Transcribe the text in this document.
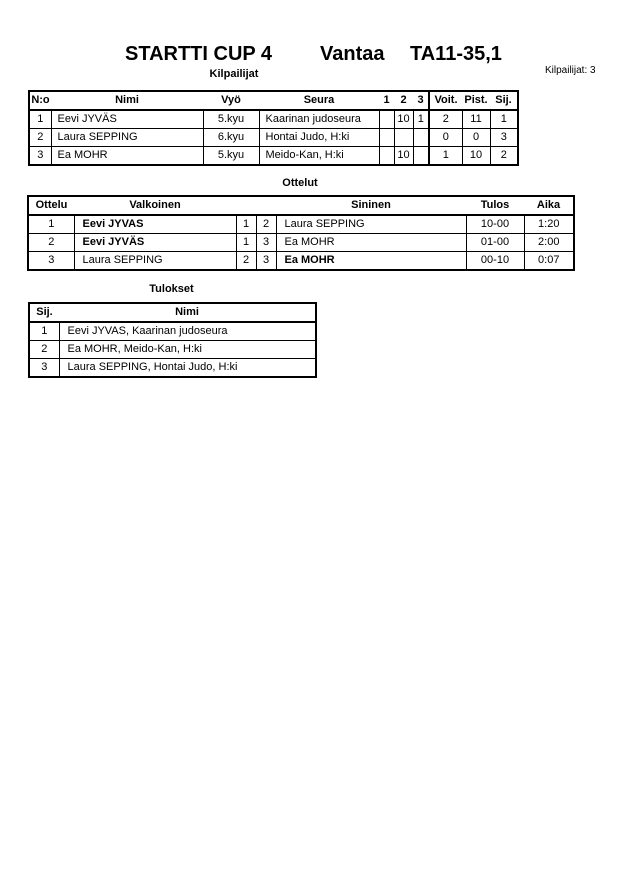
STARTTI CUP 4 Vantaa TA11-35,1
Kilpailijat	Kilpailijat: 3
N:o	Nimi	Vyö	Seura	1	2	3	Voit.	Pist.	Sij.
1	Eevi JYVÄS	5.kyu	Kaarinan judoseura		10	1	2	11	1
2	Laura SEPPING	6.kyu	Hontai Judo, H:ki				0	0	3
3	Ea MOHR	5.kyu	Meido-Kan, H:ki		10		1	10	2
Ottelut
Ottelu	Valkoinen			Sininen	Tulos	Aika
1	Eevi JYVAS	1	2	Laura SEPPING	10-00	1:20
2	Eevi JYVÄS	1	3	Ea MOHR	01-00	2:00
3	Laura SEPPING	2	3	Ea MOHR	00-10	0:07
Tulokset
Sij.	Nimi
1	Eevi JYVAS, Kaarinan judoseura
2	Ea MOHR, Meido-Kan, H:ki
3	Laura SEPPING, Hontai Judo, H:ki
